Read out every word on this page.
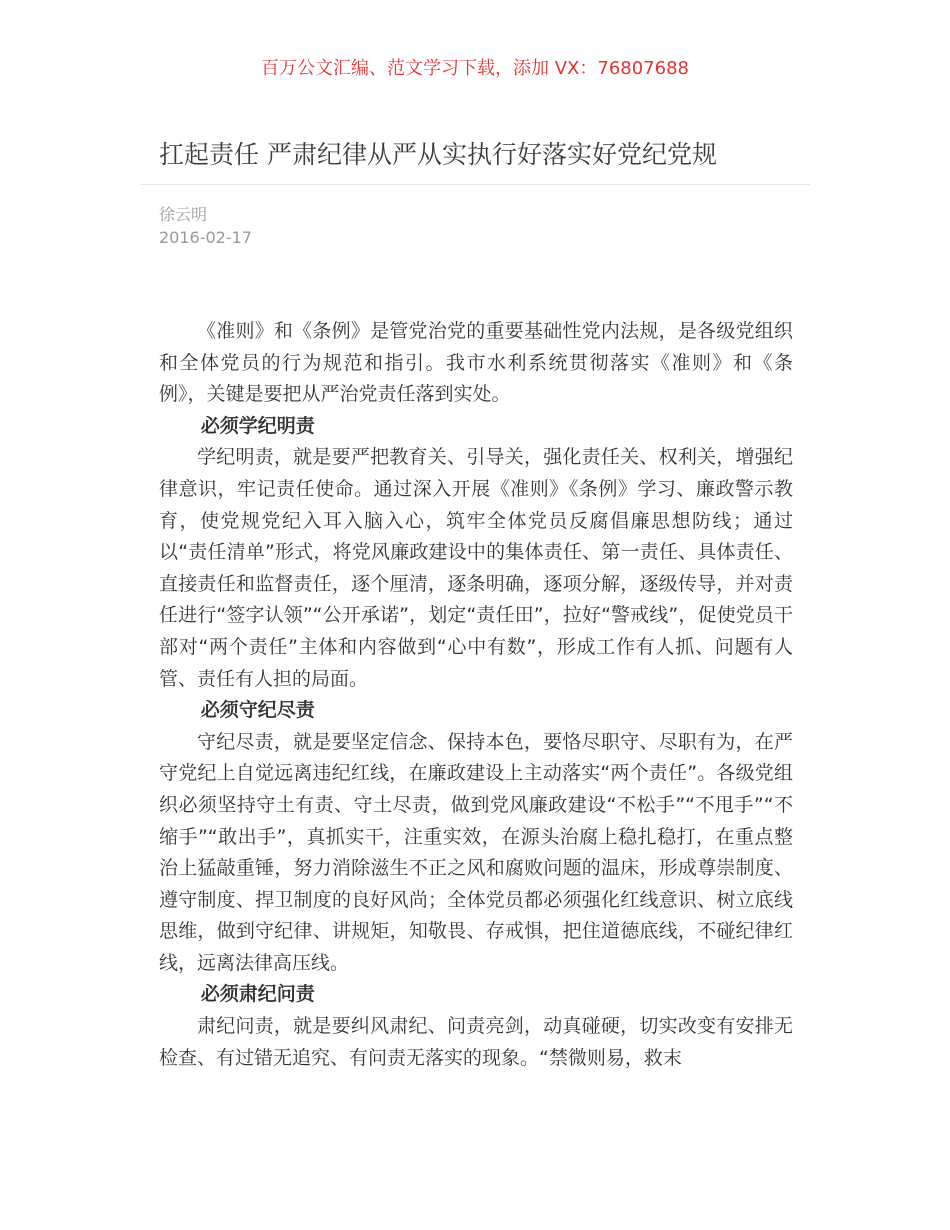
百万公文汇编、范文学习下载，添加 VX：76807688
扛起责任 严肃纪律从严从实执行好落实好党纪党规
徐云明
2016-02-17

《准则》和《条例》是管党治党的重要基础性党内法规，是各级党组织和全体党员的行为规范和指引。我市水利系统贯彻落实《准则》和《条例》，关键是要把从严治党责任落到实处。

必须学纪明责

学纪明责，就是要严把教育关、引导关，强化责任关、权利关，增强纪律意识，牢记责任使命。通过深入开展《准则》《条例》学习、廉政警示教育，使党规党纪入耳入脑入心，筑牢全体党员反腐倡廉思想防线；通过以“责任清单”形式，将党风廉政建设中的集体责任、第一责任、具体责任、直接责任和监督责任，逐个厘清，逐条明确，逐项分解，逐级传导，并对责任进行“签字认领”“公开承诺”，划定“责任田”，拉好“警戒线”，促使党员干部对“两个责任”主体和内容做到“心中有数”，形成工作有人抓、问题有人管、责任有人担的局面。

必须守纪尽责

守纪尽责，就是要坚定信念、保持本色，要恪尽职守、尽职有为，在严守党纪上自觉远离违纪红线，在廉政建设上主动落实“两个责任”。各级党组织必须坚持守土有责、守土尽责，做到党风廉政建设“不松手”“不甩手”“不缩手”“敢出手”，真抓实干，注重实效，在源头治腐上稳扎稳打，在重点整治上猛敲重锤，努力消除滋生不正之风和腐败问题的温床，形成尊崇制度、遵守制度、捍卫制度的良好风尚；全体党员都必须强化红线意识、树立底线思维，做到守纪律、讲规矩，知敬畏、存戒惧，把住道德底线，不碰纪律红线，远离法律高压线。

必须肃纪问责

肃纪问责，就是要纠风肃纪、问责亮剑，动真碰硬，切实改变有安排无检查、有过错无追究、有问责无落实的现象。“禁微则易，救末
